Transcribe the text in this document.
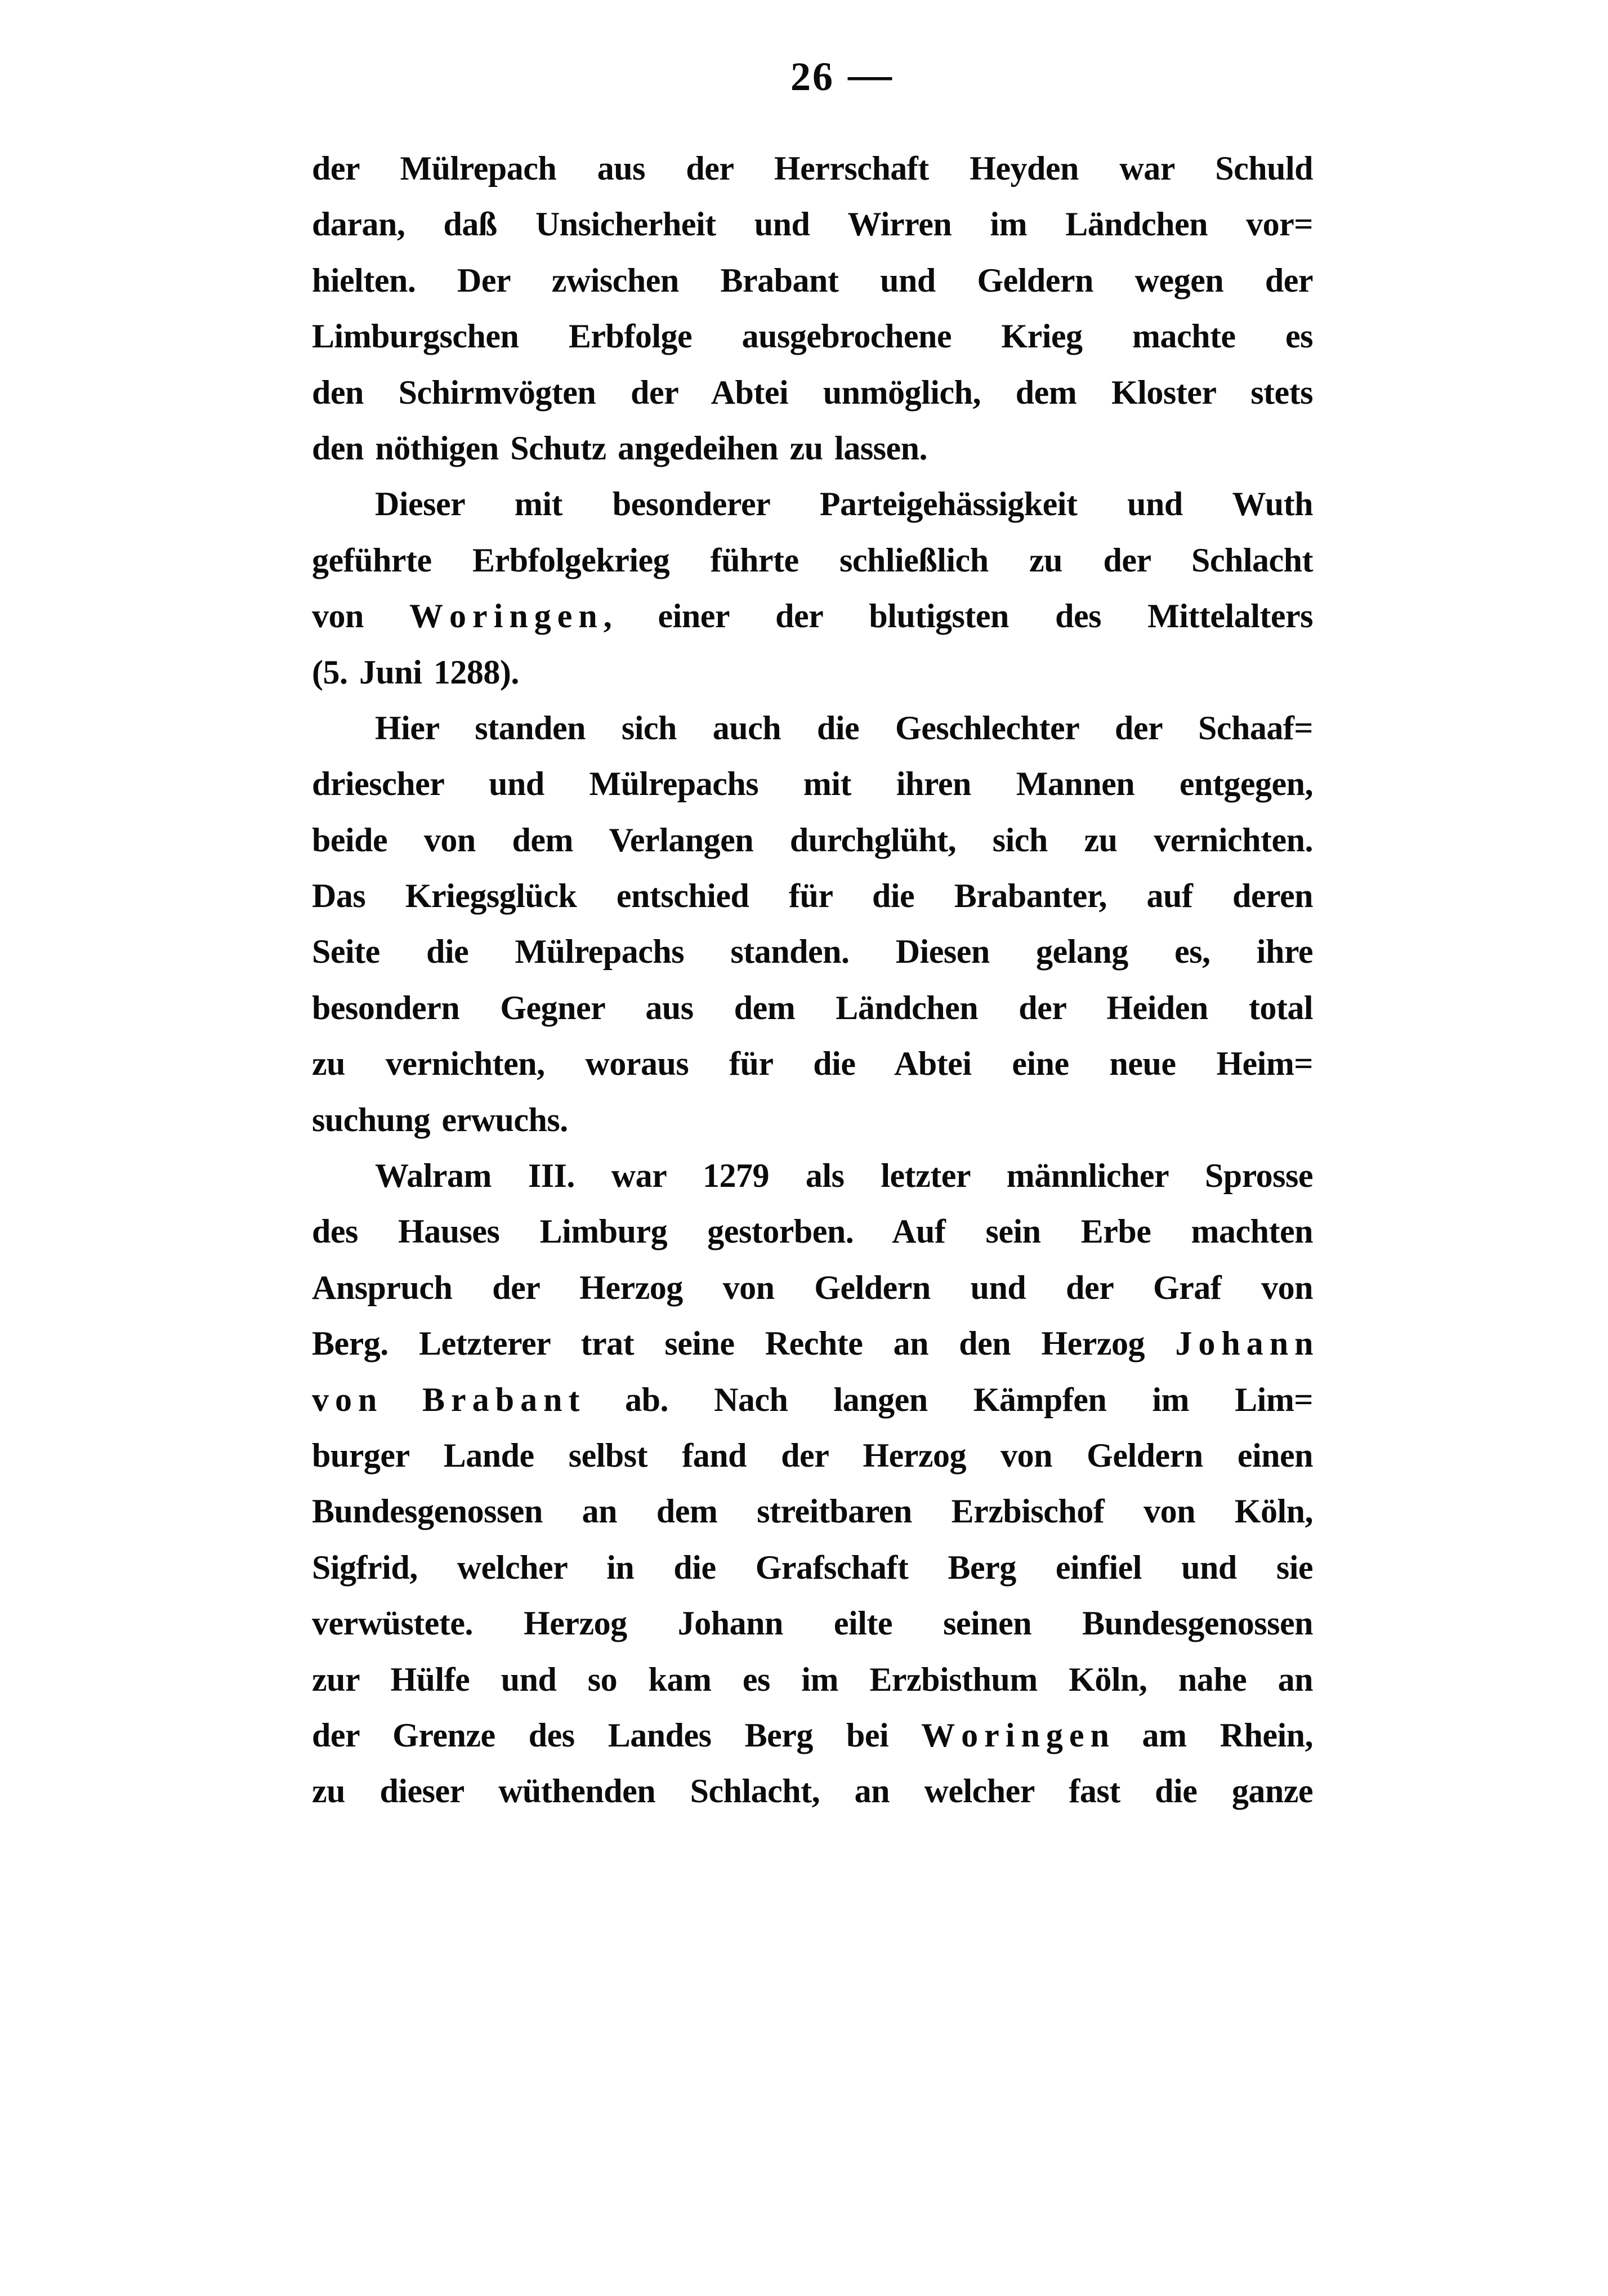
26 —
der Mülrepach aus der Herrschaft Heyden war Schuld
daran, daß Unsicherheit und Wirren im Ländchen vor=
hielten. Der zwischen Brabant und Geldern wegen der
Limburgschen Erbfolge ausgebrochene Krieg machte es
den Schirmvögten der Abtei unmöglich, dem Kloster stets
den nöthigen Schutz angedeihen zu lassen.
Dieser mit besonderer Parteigehässigkeit und Wuth
geführte Erbfolgekrieg führte schließlich zu der Schlacht
von W o r i n g e n , einer der blutigsten des Mittelalters
(5. Juni 1288).
Hier standen sich auch die Geschlechter der Schaaf=
driescher und Mülrepachs mit ihren Mannen entgegen,
beide von dem Verlangen durchglüht, sich zu vernichten.
Das Kriegsglück entschied für die Brabanter, auf deren
Seite die Mülrepachs standen. Diesen gelang es, ihre
besondern Gegner aus dem Ländchen der Heiden total
zu vernichten, woraus für die Abtei eine neue Heim=
suchung erwuchs.
Walram III. war 1279 als letzter männlicher Sprosse
des Hauses Limburg gestorben. Auf sein Erbe machten
Anspruch der Herzog von Geldern und der Graf von
Berg. Letzterer trat seine Rechte an den Herzog J o h a n n
v o n B r a b a n t ab. Nach langen Kämpfen im Lim=
burger Lande selbst fand der Herzog von Geldern einen
Bundesgenossen an dem streitbaren Erzbischof von Köln,
Sigfrid, welcher in die Grafschaft Berg einfiel und sie
verwüstete. Herzog Johann eilte seinen Bundesgenossen
zur Hülfe und so kam es im Erzbisthum Köln, nahe an
der Grenze des Landes Berg bei W o r i n g e n am Rhein,
zu dieser wüthenden Schlacht, an welcher fast die ganze
